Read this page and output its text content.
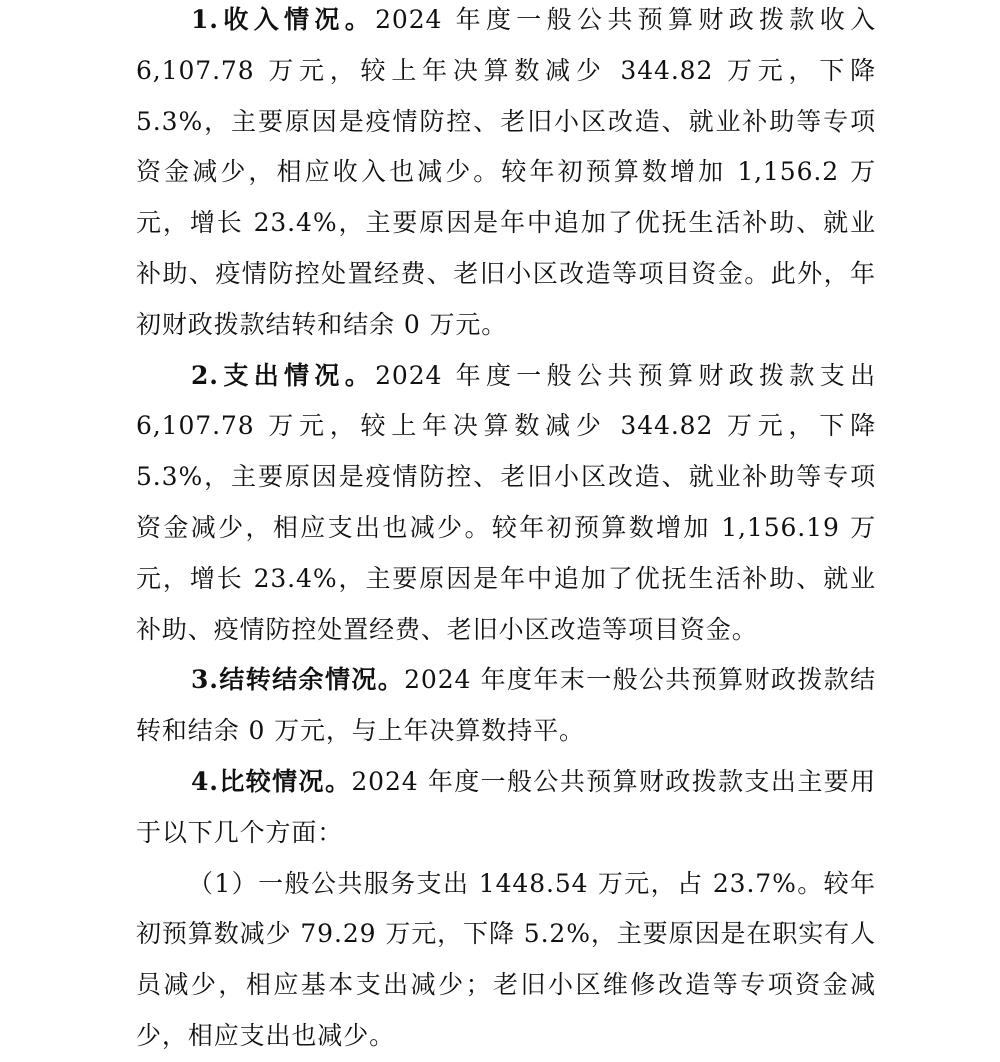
1.收入情况。2024 年度一般公共预算财政拨款收入 6,107.78 万元，较上年决算数减少 344.82 万元，下降 5.3%，主要原因是疫情防控、老旧小区改造、就业补助等专项资金减少，相应收入也减少。较年初预算数增加 1,156.2 万元，增长 23.4%，主要原因是年中追加了优抚生活补助、就业补助、疫情防控处置经费、老旧小区改造等项目资金。此外，年初财政拨款结转和结余 0 万元。

2.支出情况。2024 年度一般公共预算财政拨款支出 6,107.78 万元，较上年决算数减少 344.82 万元，下降 5.3%，主要原因是疫情防控、老旧小区改造、就业补助等专项资金减少，相应支出也减少。较年初预算数增加 1,156.19 万元，增长 23.4%，主要原因是年中追加了优抚生活补助、就业补助、疫情防控处置经费、老旧小区改造等项目资金。

3.结转结余情况。2024 年度年末一般公共预算财政拨款结转和结余 0 万元，与上年决算数持平。

4.比较情况。2024 年度一般公共预算财政拨款支出主要用于以下几个方面：

（1）一般公共服务支出 1448.54 万元，占 23.7%。较年初预算数减少 79.29 万元，下降 5.2%，主要原因是在职实有人员减少，相应基本支出减少；老旧小区维修改造等专项资金减少，相应支出也减少。
